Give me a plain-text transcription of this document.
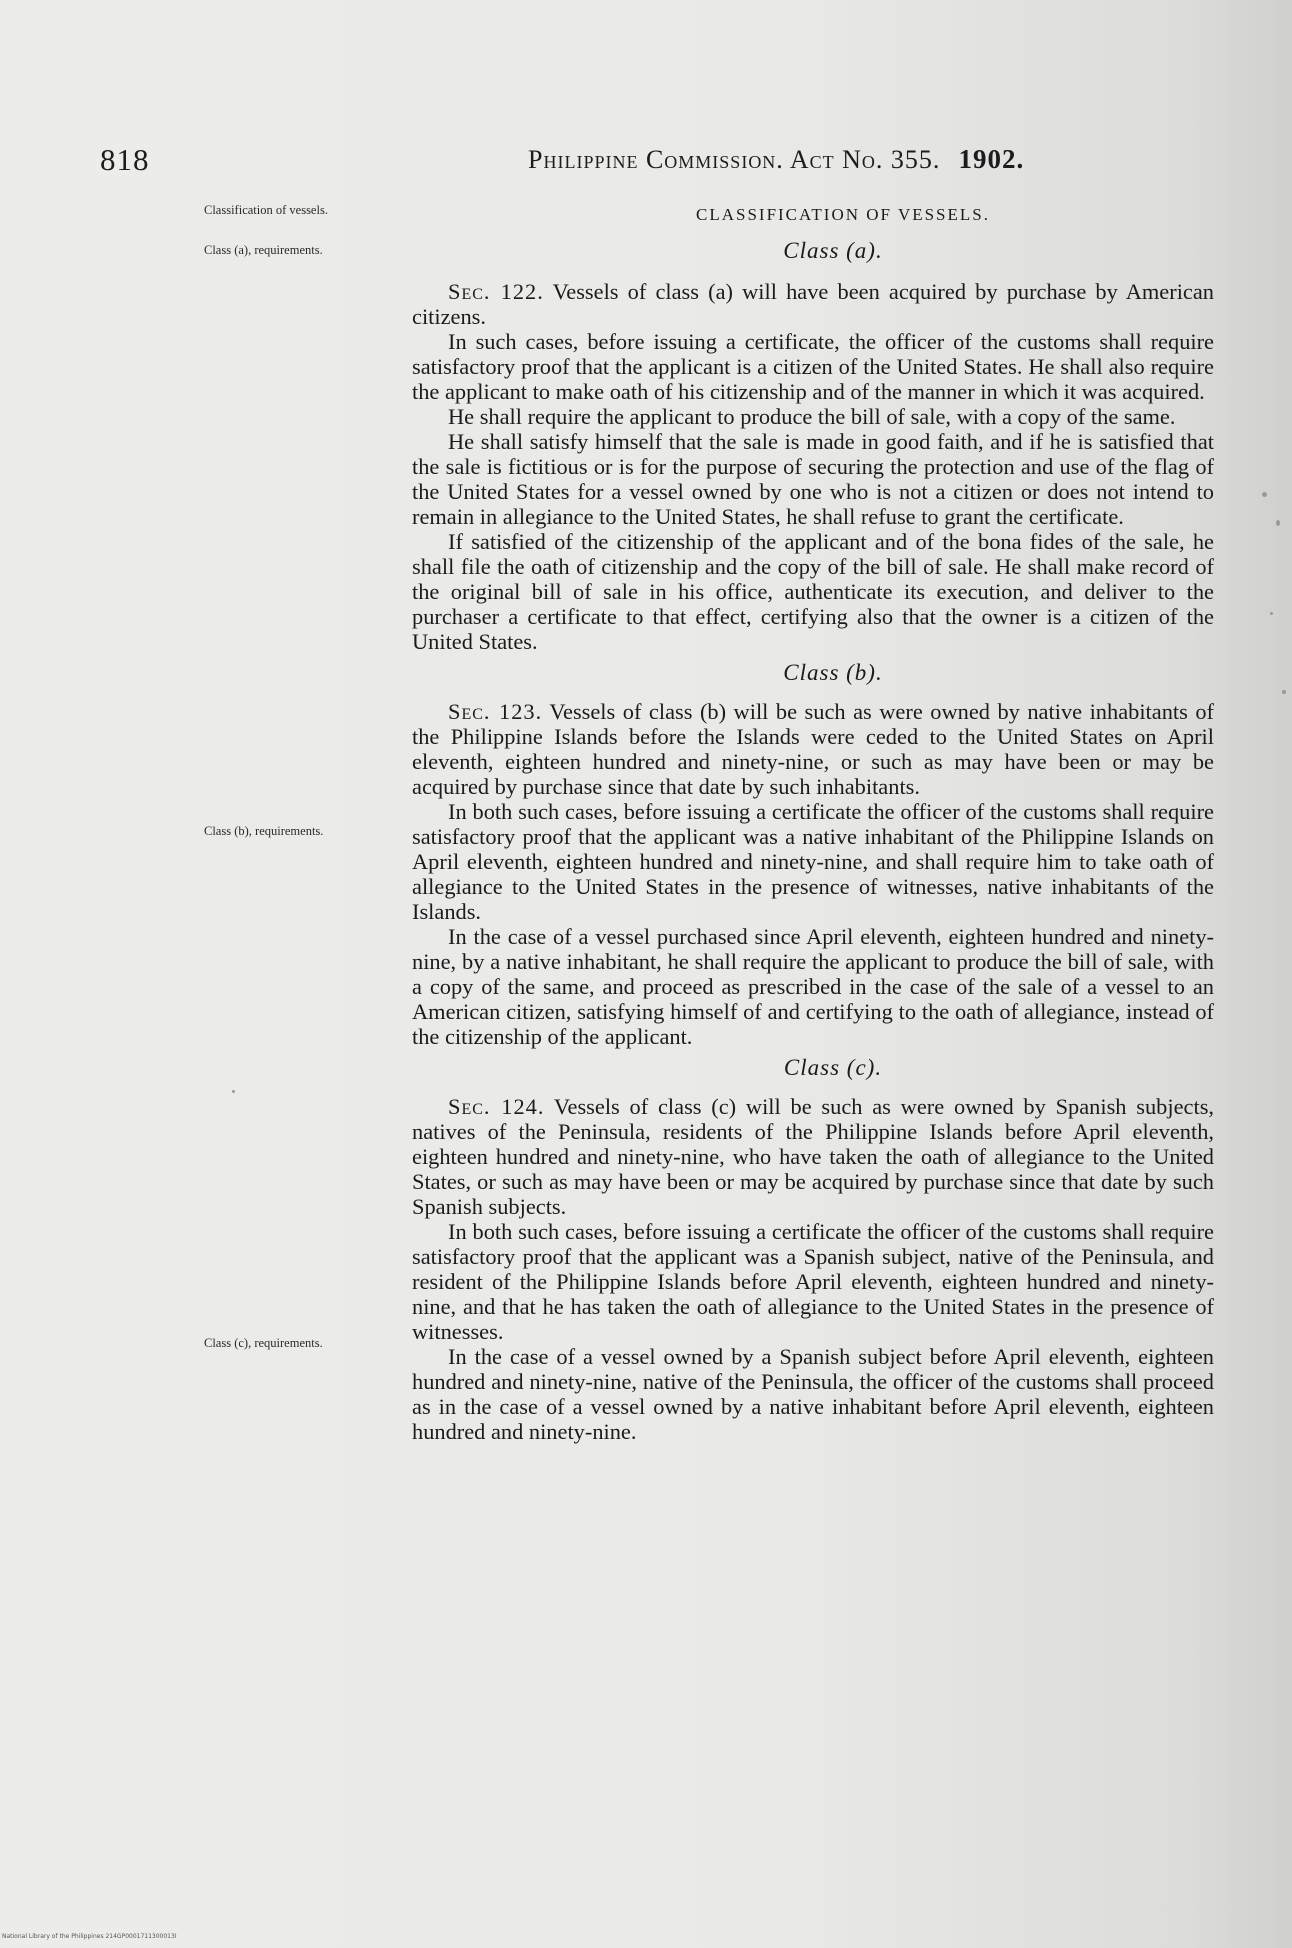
818	Philippine Commission. Act No. 355. 1902.
Classification of vessels.
Class (a), requirements.
Class (b), requirements.
Class (c), requirements.
CLASSIFICATION OF VESSELS.
Class (a).

Sec. 122. Vessels of class (a) will have been acquired by purchase by American citizens.

In such cases, before issuing a certificate, the officer of the customs shall require satisfactory proof that the applicant is a citizen of the United States. He shall also require the applicant to make oath of his citizenship and of the manner in which it was acquired.

He shall require the applicant to produce the bill of sale, with a copy of the same.

He shall satisfy himself that the sale is made in good faith, and if he is satisfied that the sale is fictitious or is for the purpose of securing the protection and use of the flag of the United States for a vessel owned by one who is not a citizen or does not intend to remain in allegiance to the United States, he shall refuse to grant the certificate.

If satisfied of the citizenship of the applicant and of the bona fides of the sale, he shall file the oath of citizenship and the copy of the bill of sale. He shall make record of the original bill of sale in his office, authenticate its execution, and deliver to the purchaser a certificate to that effect, certifying also that the owner is a citizen of the United States.

Class (b).

Sec. 123. Vessels of class (b) will be such as were owned by native inhabitants of the Philippine Islands before the Islands were ceded to the United States on April eleventh, eighteen hundred and ninety-nine, or such as may have been or may be acquired by purchase since that date by such inhabitants.

In both such cases, before issuing a certificate the officer of the customs shall require satisfactory proof that the applicant was a native inhabitant of the Philippine Islands on April eleventh, eighteen hundred and ninety-nine, and shall require him to take oath of allegiance to the United States in the presence of witnesses, native inhabitants of the Islands.

In the case of a vessel purchased since April eleventh, eighteen hundred and ninety-nine, by a native inhabitant, he shall require the applicant to produce the bill of sale, with a copy of the same, and proceed as prescribed in the case of the sale of a vessel to an American citizen, satisfying himself of and certifying to the oath of allegiance, instead of the citizenship of the applicant.

Class (c).

Sec. 124. Vessels of class (c) will be such as were owned by Spanish subjects, natives of the Peninsula, residents of the Philippine Islands before April eleventh, eighteen hundred and ninety-nine, who have taken the oath of allegiance to the United States, or such as may have been or may be acquired by purchase since that date by such Spanish subjects.

In both such cases, before issuing a certificate the officer of the customs shall require satisfactory proof that the applicant was a Spanish subject, native of the Peninsula, and resident of the Philippine Islands before April eleventh, eighteen hundred and ninety-nine, and that he has taken the oath of allegiance to the United States in the presence of witnesses.

In the case of a vessel owned by a Spanish subject before April eleventh, eighteen hundred and ninety-nine, native of the Peninsula, the officer of the customs shall proceed as in the case of a vessel owned by a native inhabitant before April eleventh, eighteen hundred and ninety-nine.

National Library of the Philippines 214GP0001711300013I
